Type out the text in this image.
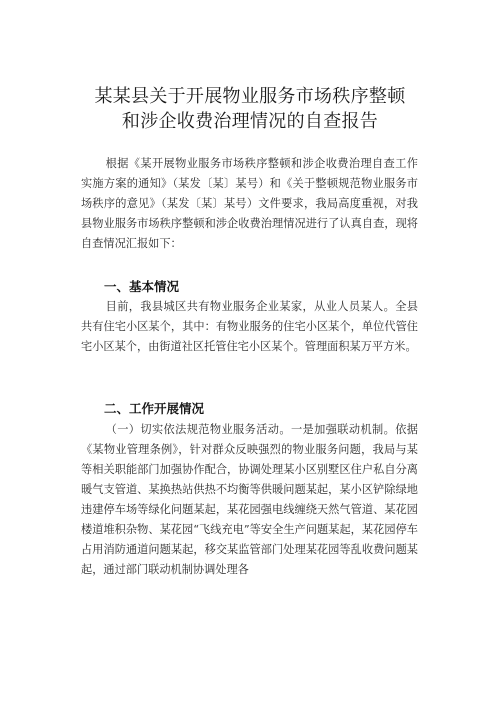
某某县关于开展物业服务市场秩序整顿
和涉企收费治理情况的自查报告

根据《某开展物业服务市场秩序整顿和涉企收费治理自查工作实施方案的通知》（某发〔某〕某号）和《关于整顿规范物业服务市场秩序的意见》（某发〔某〕某号）文件要求，我局高度重视，对我县物业服务市场秩序整顿和涉企收费治理情况进行了认真自查，现将自查情况汇报如下：

一、基本情况

目前，我县城区共有物业服务企业某家，从业人员某人。全县共有住宅小区某个，其中：有物业服务的住宅小区某个，单位代管住宅小区某个，由街道社区托管住宅小区某个。管理面积某万平方米。

二、工作开展情况

（一）切实依法规范物业服务活动。一是加强联动机制。依据《某物业管理条例》，针对群众反映强烈的物业服务问题，我局与某等相关职能部门加强协作配合，协调处理某小区别墅区住户私自分离暖气支管道、某换热站供热不均衡等供暖问题某起，某小区铲除绿地违建停车场等绿化问题某起，某花园强电线缠绕天然气管道、某花园楼道堆积杂物、某花园“飞线充电”等安全生产问题某起，某花园停车占用消防通道问题某起，移交某监管部门处理某花园等乱收费问题某起，通过部门联动机制协调处理各
